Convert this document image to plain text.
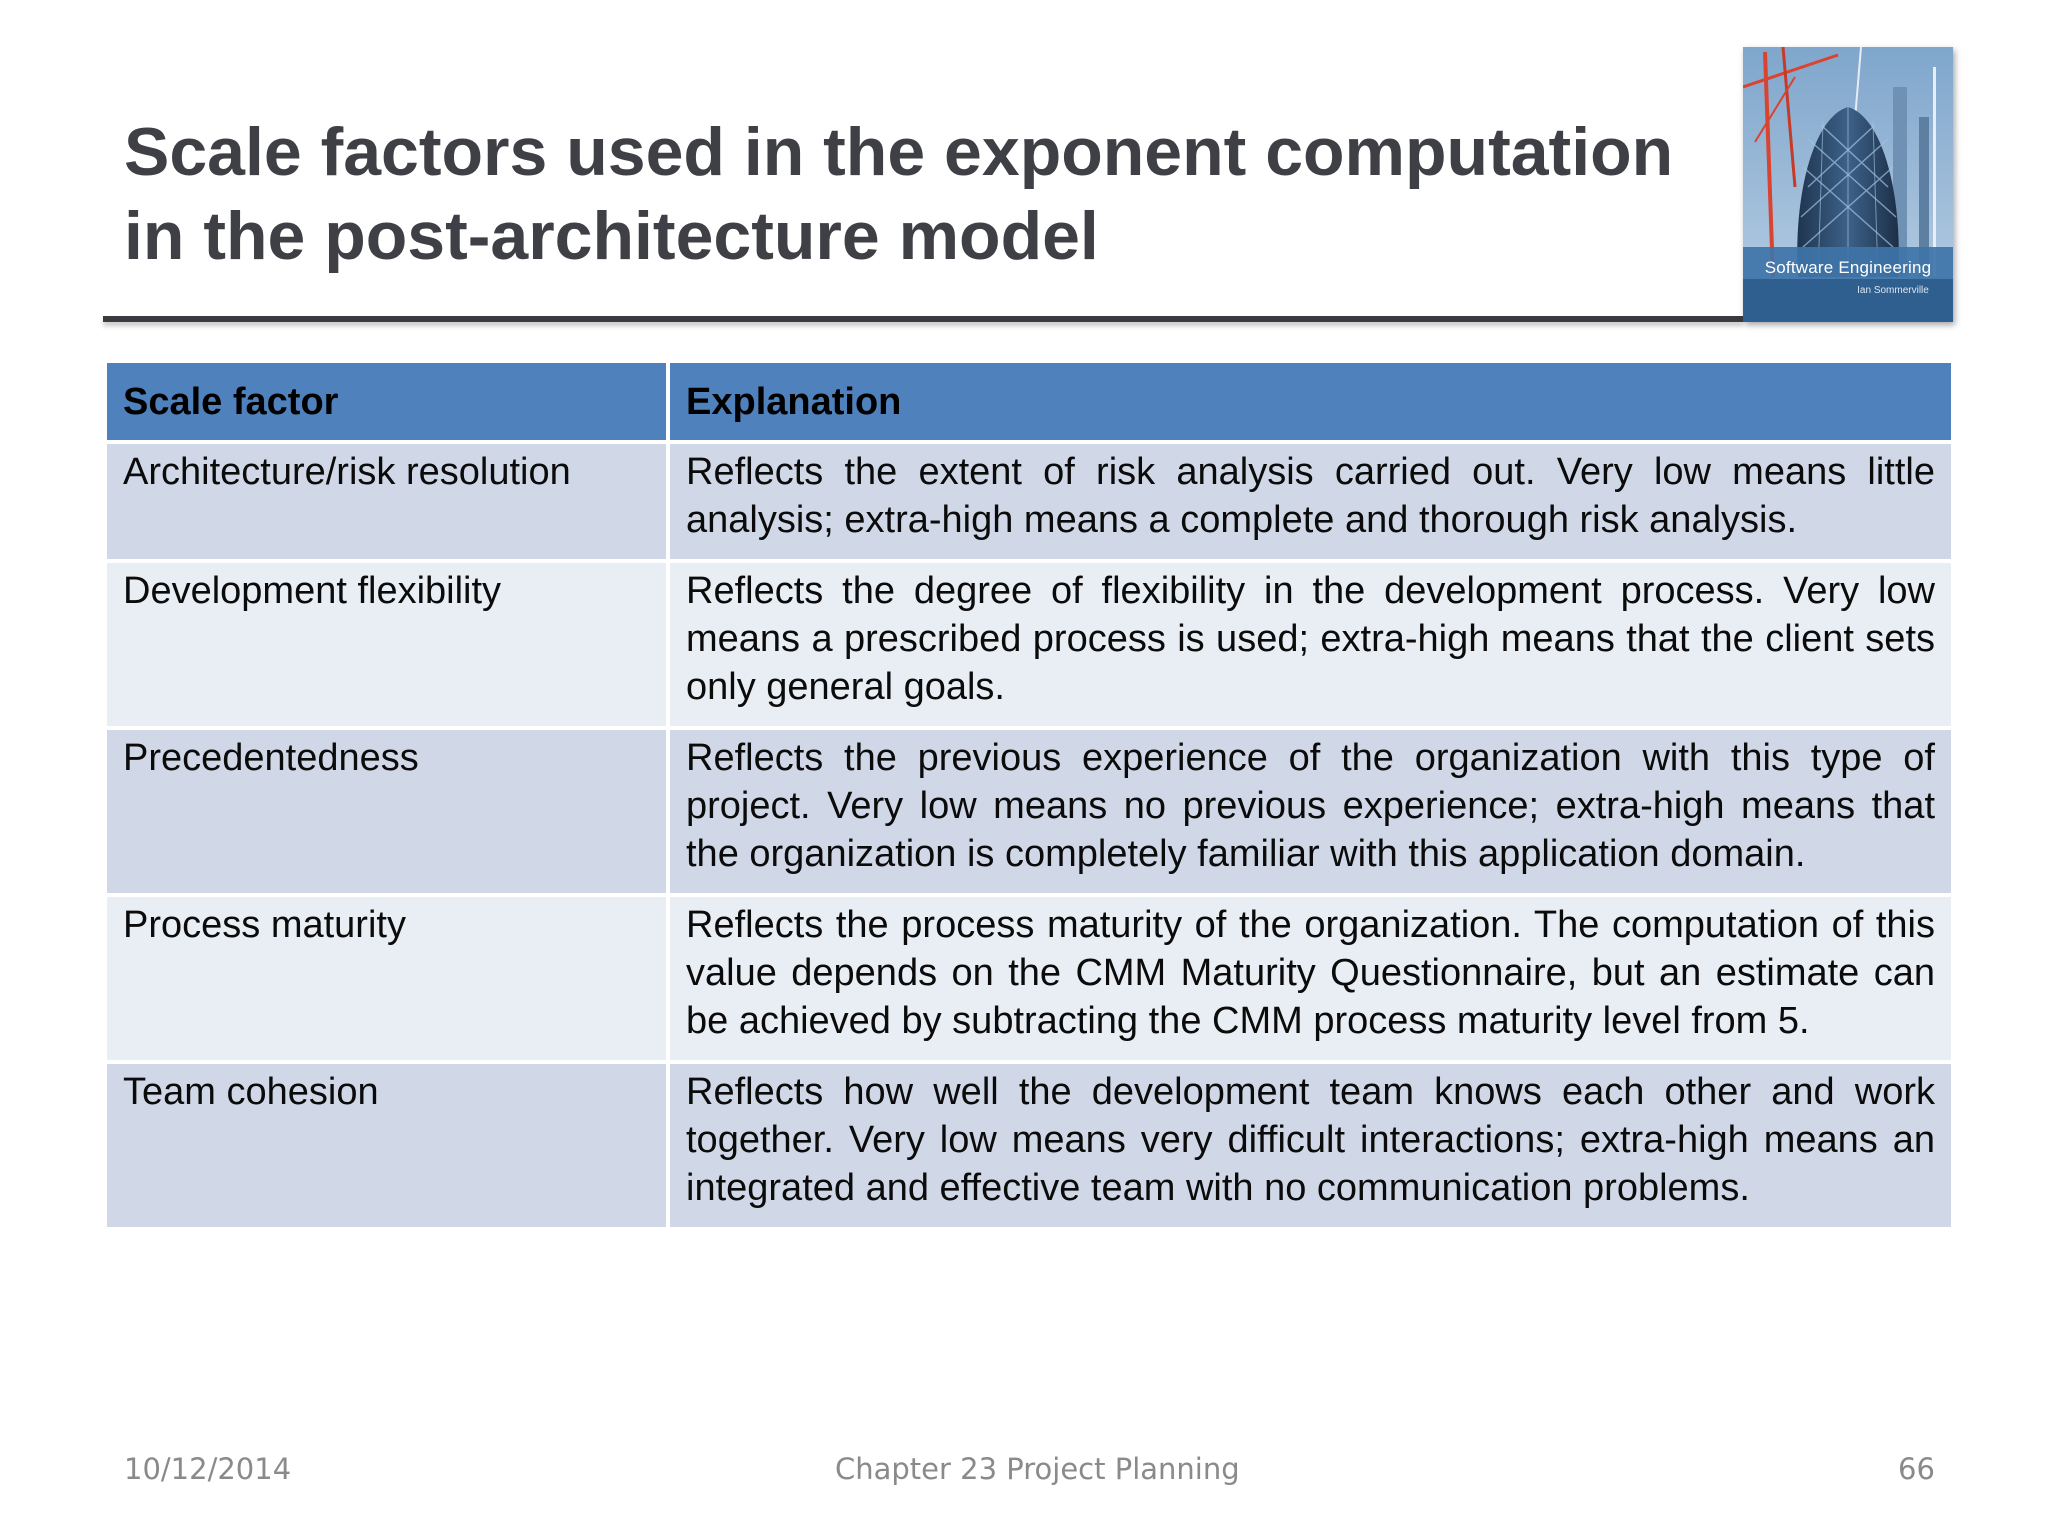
Scale factors used in the exponent computation
in the post-architecture model	Software Engineering
Ian Sommerville
Scale factor	Explanation
Architecture/risk resolution	Reflects the extent of risk analysis carried out. Very low means little analysis; extra-high means a complete and thorough risk analysis.
Development flexibility	Reflects the degree of flexibility in the development process. Very low means a prescribed process is used; extra-high means that the client sets only general goals.
Precedentedness	Reflects the previous experience of the organization with this type of project. Very low means no previous experience; extra-high means that the organization is completely familiar with this application domain.
Process maturity	Reflects the process maturity of the organization. The computation of this value depends on the CMM Maturity Questionnaire, but an estimate can be achieved by subtracting the CMM process maturity level from 5.
Team cohesion	Reflects how well the development team knows each other and work together. Very low means very difficult interactions; extra-high means an integrated and effective team with no communication problems.
10/12/2014	Chapter 23 Project Planning	66
